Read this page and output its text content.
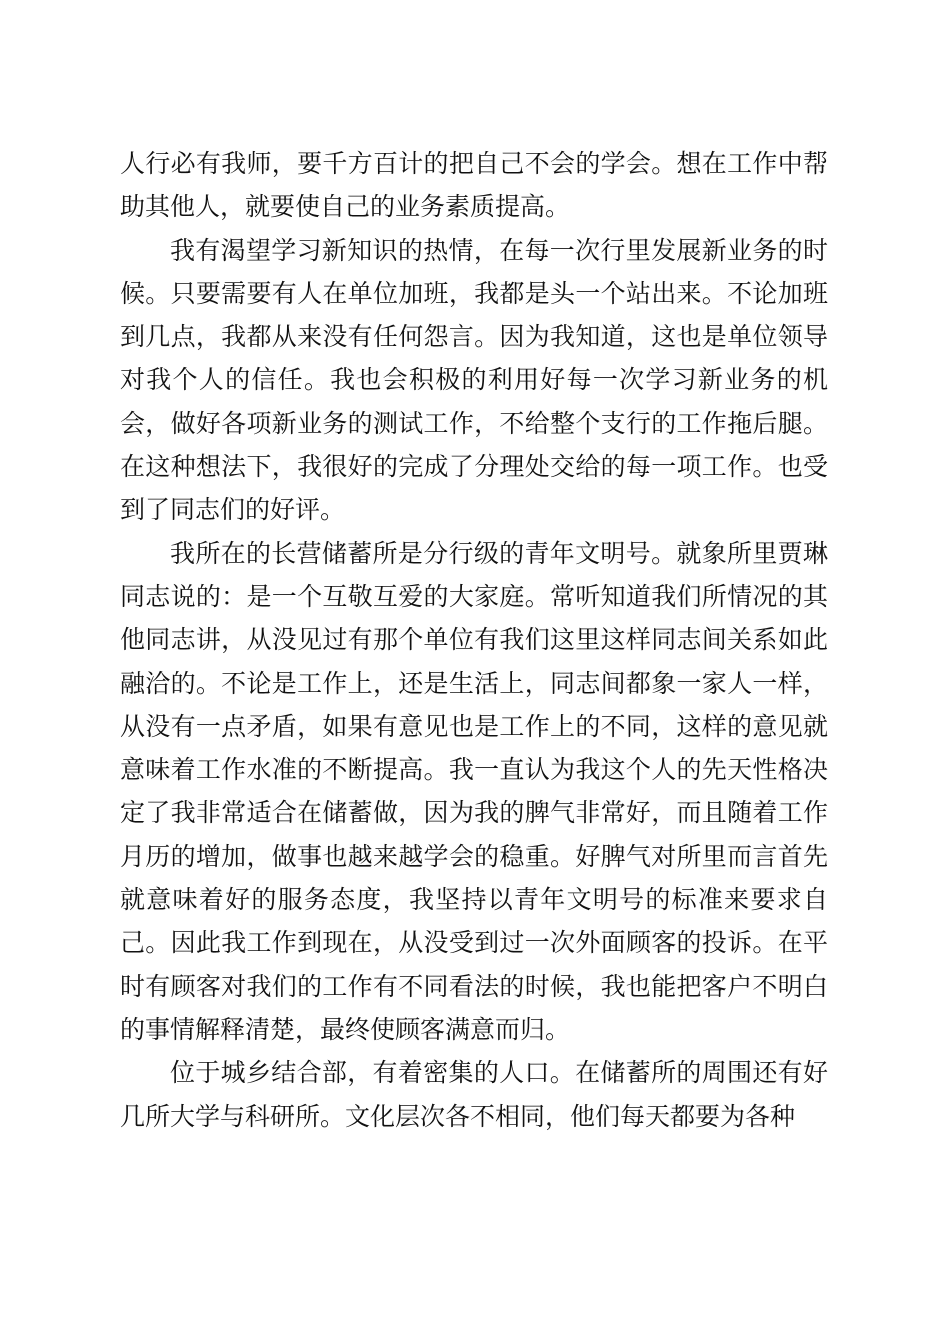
人行必有我师，要千方百计的把自己不会的学会。想在工作中帮助其他人，就要使自己的业务素质提高。

我有渴望学习新知识的热情，在每一次行里发展新业务的时候。只要需要有人在单位加班，我都是头一个站出来。不论加班到几点，我都从来没有任何怨言。因为我知道，这也是单位领导对我个人的信任。我也会积极的利用好每一次学习新业务的机会，做好各项新业务的测试工作，不给整个支行的工作拖后腿。在这种想法下，我很好的完成了分理处交给的每一项工作。也受到了同志们的好评。

我所在的长营储蓄所是分行级的青年文明号。就象所里贾琳同志说的：是一个互敬互爱的大家庭。常听知道我们所情况的其他同志讲，从没见过有那个单位有我们这里这样同志间关系如此融洽的。不论是工作上，还是生活上，同志间都象一家人一样，从没有一点矛盾，如果有意见也是工作上的不同，这样的意见就意味着工作水准的不断提高。我一直认为我这个人的先天性格决定了我非常适合在储蓄做，因为我的脾气非常好，而且随着工作月历的增加，做事也越来越学会的稳重。好脾气对所里而言首先就意味着好的服务态度，我坚持以青年文明号的标准来要求自己。因此我工作到现在，从没受到过一次外面顾客的投诉。在平时有顾客对我们的工作有不同看法的时候，我也能把客户不明白的事情解释清楚，最终使顾客满意而归。

位于城乡结合部，有着密集的人口。在储蓄所的周围还有好几所大学与科研所。文化层次各不相同，他们每天都要为各种
